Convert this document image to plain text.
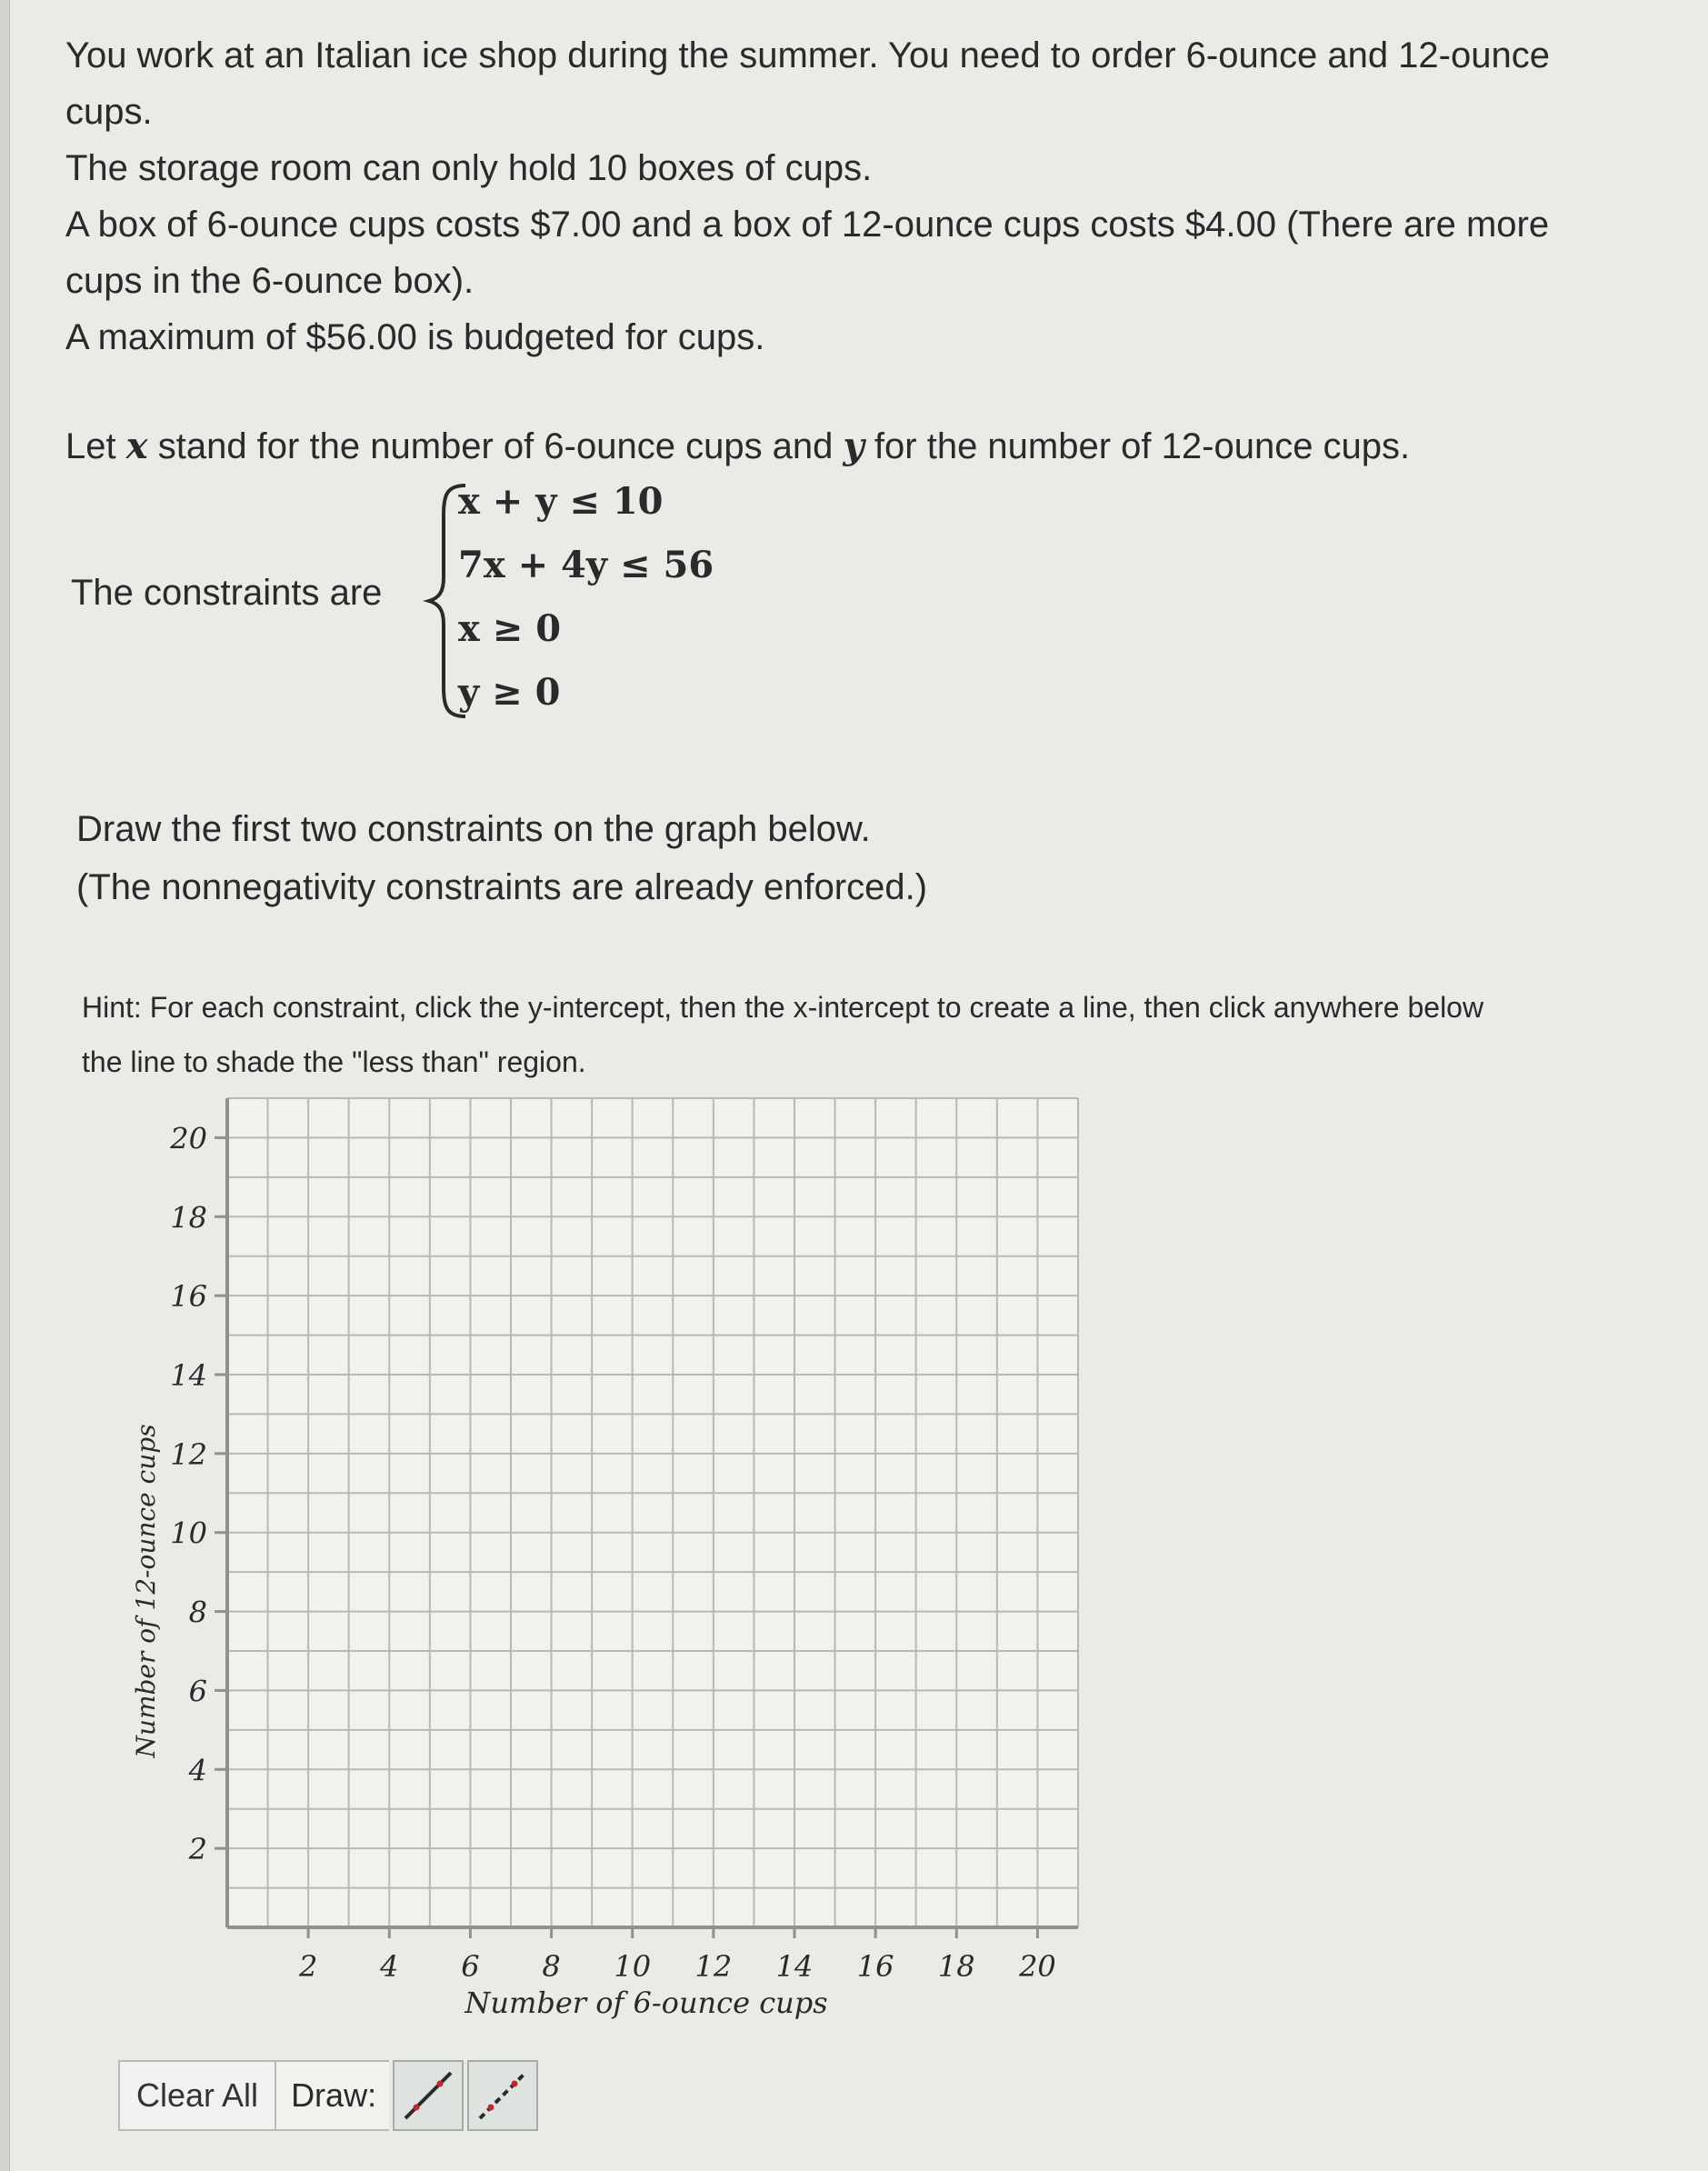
You work at an Italian ice shop during the summer. You need to order 6-ounce and 12-ounce cups.

The storage room can only hold 10 boxes of cups.

A box of 6-ounce cups costs $7.00 and a box of 12-ounce cups costs $4.00 (There are more cups in the 6-ounce box).

A maximum of $56.00 is budgeted for cups.

Let x stand for the number of 6-ounce cups and y for the number of 12-ounce cups.

The constraints are
x + y ≤ 10
7x + 4y ≤ 56
x ≥ 0
y ≥ 0

Draw the first two constraints on the graph below.

(The nonnegativity constraints are already enforced.)

Hint: For each constraint, click the y-intercept, then the x-intercept to create a line, then click anywhere below the line to shade the "less than" region.
2 4 6 8 10 12 14 16 18 20
2
4
6
8
10
12
14
16
18
20
Number of 6-ounce cups
Number of 12-ounce cups
Clear All	Draw:
